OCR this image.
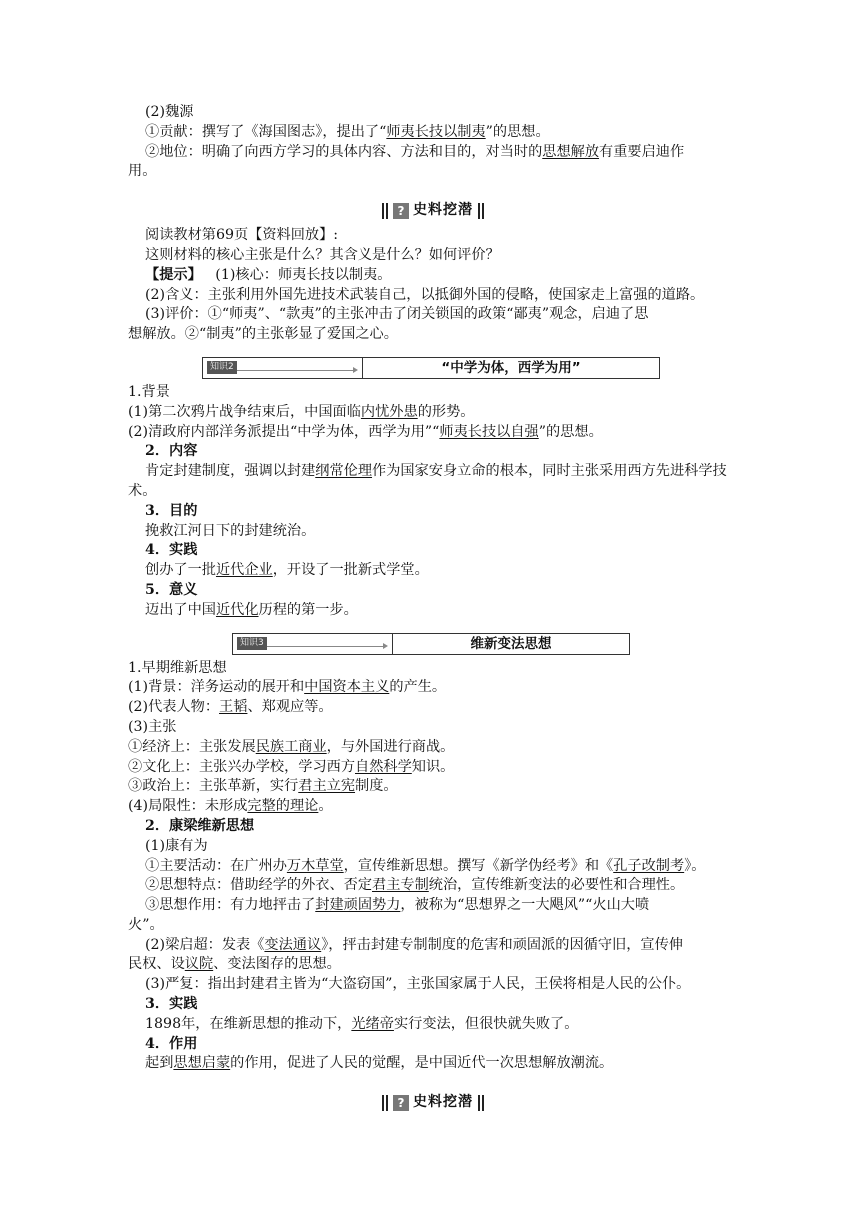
(2)魏源
①贡献：撰写了《海国图志》，提出了“师夷长技以制夷”的思想。
②地位：明确了向西方学习的具体内容、方法和目的，对当时的思想解放有重要启迪作
用。
? 史料挖潜
阅读教材第69页【资料回放】:
这则材料的核心主张是什么？其含义是什么？如何评价？
【提示】 (1)核心：师夷长技以制夷。
(2)含义：主张利用外国先进技术武装自己，以抵御外国的侵略，使国家走上富强的道路。
(3)评价：①“师夷”、“款夷”的主张冲击了闭关锁国的政策“鄙夷”观念，启迪了思
想解放。②“制夷”的主张彰显了爱国之心。
知识2	“中学为体，西学为用”
1.背景
(1)第二次鸦片战争结束后，中国面临内忧外患的形势。
(2)清政府内部洋务派提出“中学为体，西学为用”“师夷长技以自强”的思想。
2．内容
肯定封建制度，强调以封建纲常伦理作为国家安身立命的根本，同时主张采用西方先进科学技术。
3．目的
挽救江河日下的封建统治。
4．实践
创办了一批近代企业，开设了一批新式学堂。
5．意义
迈出了中国近代化历程的第一步。
知识3	维新变法思想
1.早期维新思想
(1)背景：洋务运动的展开和中国资本主义的产生。
(2)代表人物：王韬、郑观应等。
(3)主张
①经济上：主张发展民族工商业，与外国进行商战。
②文化上：主张兴办学校，学习西方自然科学知识。
③政治上：主张革新，实行君主立宪制度。
(4)局限性：未形成完整的理论。
2．康梁维新思想
(1)康有为
①主要活动：在广州办万木草堂，宣传维新思想。撰写《新学伪经考》和《孔子改制考》。
②思想特点：借助经学的外衣、否定君主专制统治，宣传维新变法的必要性和合理性。
③思想作用：有力地抨击了封建顽固势力，被称为“思想界之一大飓风”“火山大喷
火”。
(2)梁启超：发表《变法通议》，抨击封建专制制度的危害和顽固派的因循守旧，宣传伸
民权、设议院、变法图存的思想。
(3)严复：指出封建君主皆为“大盗窃国”，主张国家属于人民，王侯将相是人民的公仆。
3．实践
1898年，在维新思想的推动下，光绪帝实行变法，但很快就失败了。
4．作用
起到思想启蒙的作用，促进了人民的觉醒，是中国近代一次思想解放潮流。
? 史料挖潜
